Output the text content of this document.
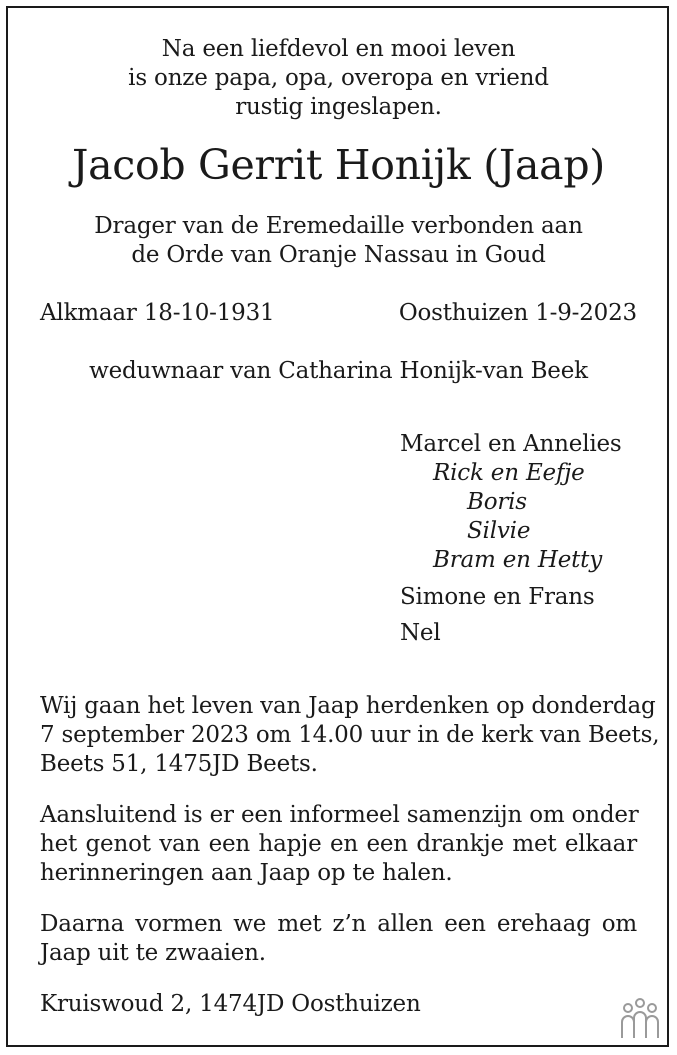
Na een liefdevol en mooi leven
is onze papa, opa, overopa en vriend
rustig ingeslapen.
Jacob Gerrit Honijk (Jaap)
Drager van de Eremedaille verbonden aan
de Orde van Oranje Nassau in Goud
Alkmaar 18-10-1931	Oosthuizen 1-9-2023
weduwnaar van Catharina Honijk-van Beek
Marcel en Annelies
Rick en Eefje
Boris
Silvie
Bram en Hetty
Simone en Frans
Nel
Wij gaan het leven van Jaap herdenken op donderdag
7 september 2023 om 14.00 uur in de kerk van Beets,
Beets 51, 1475JD Beets.
Aansluitend is er een informeel samenzijn om onder
het genot van een hapje en een drankje met elkaar
herinneringen aan Jaap op te halen.
Daarna vormen we met z’n allen een erehaag om
Jaap uit te zwaaien.
Kruiswoud 2, 1474JD Oosthuizen
